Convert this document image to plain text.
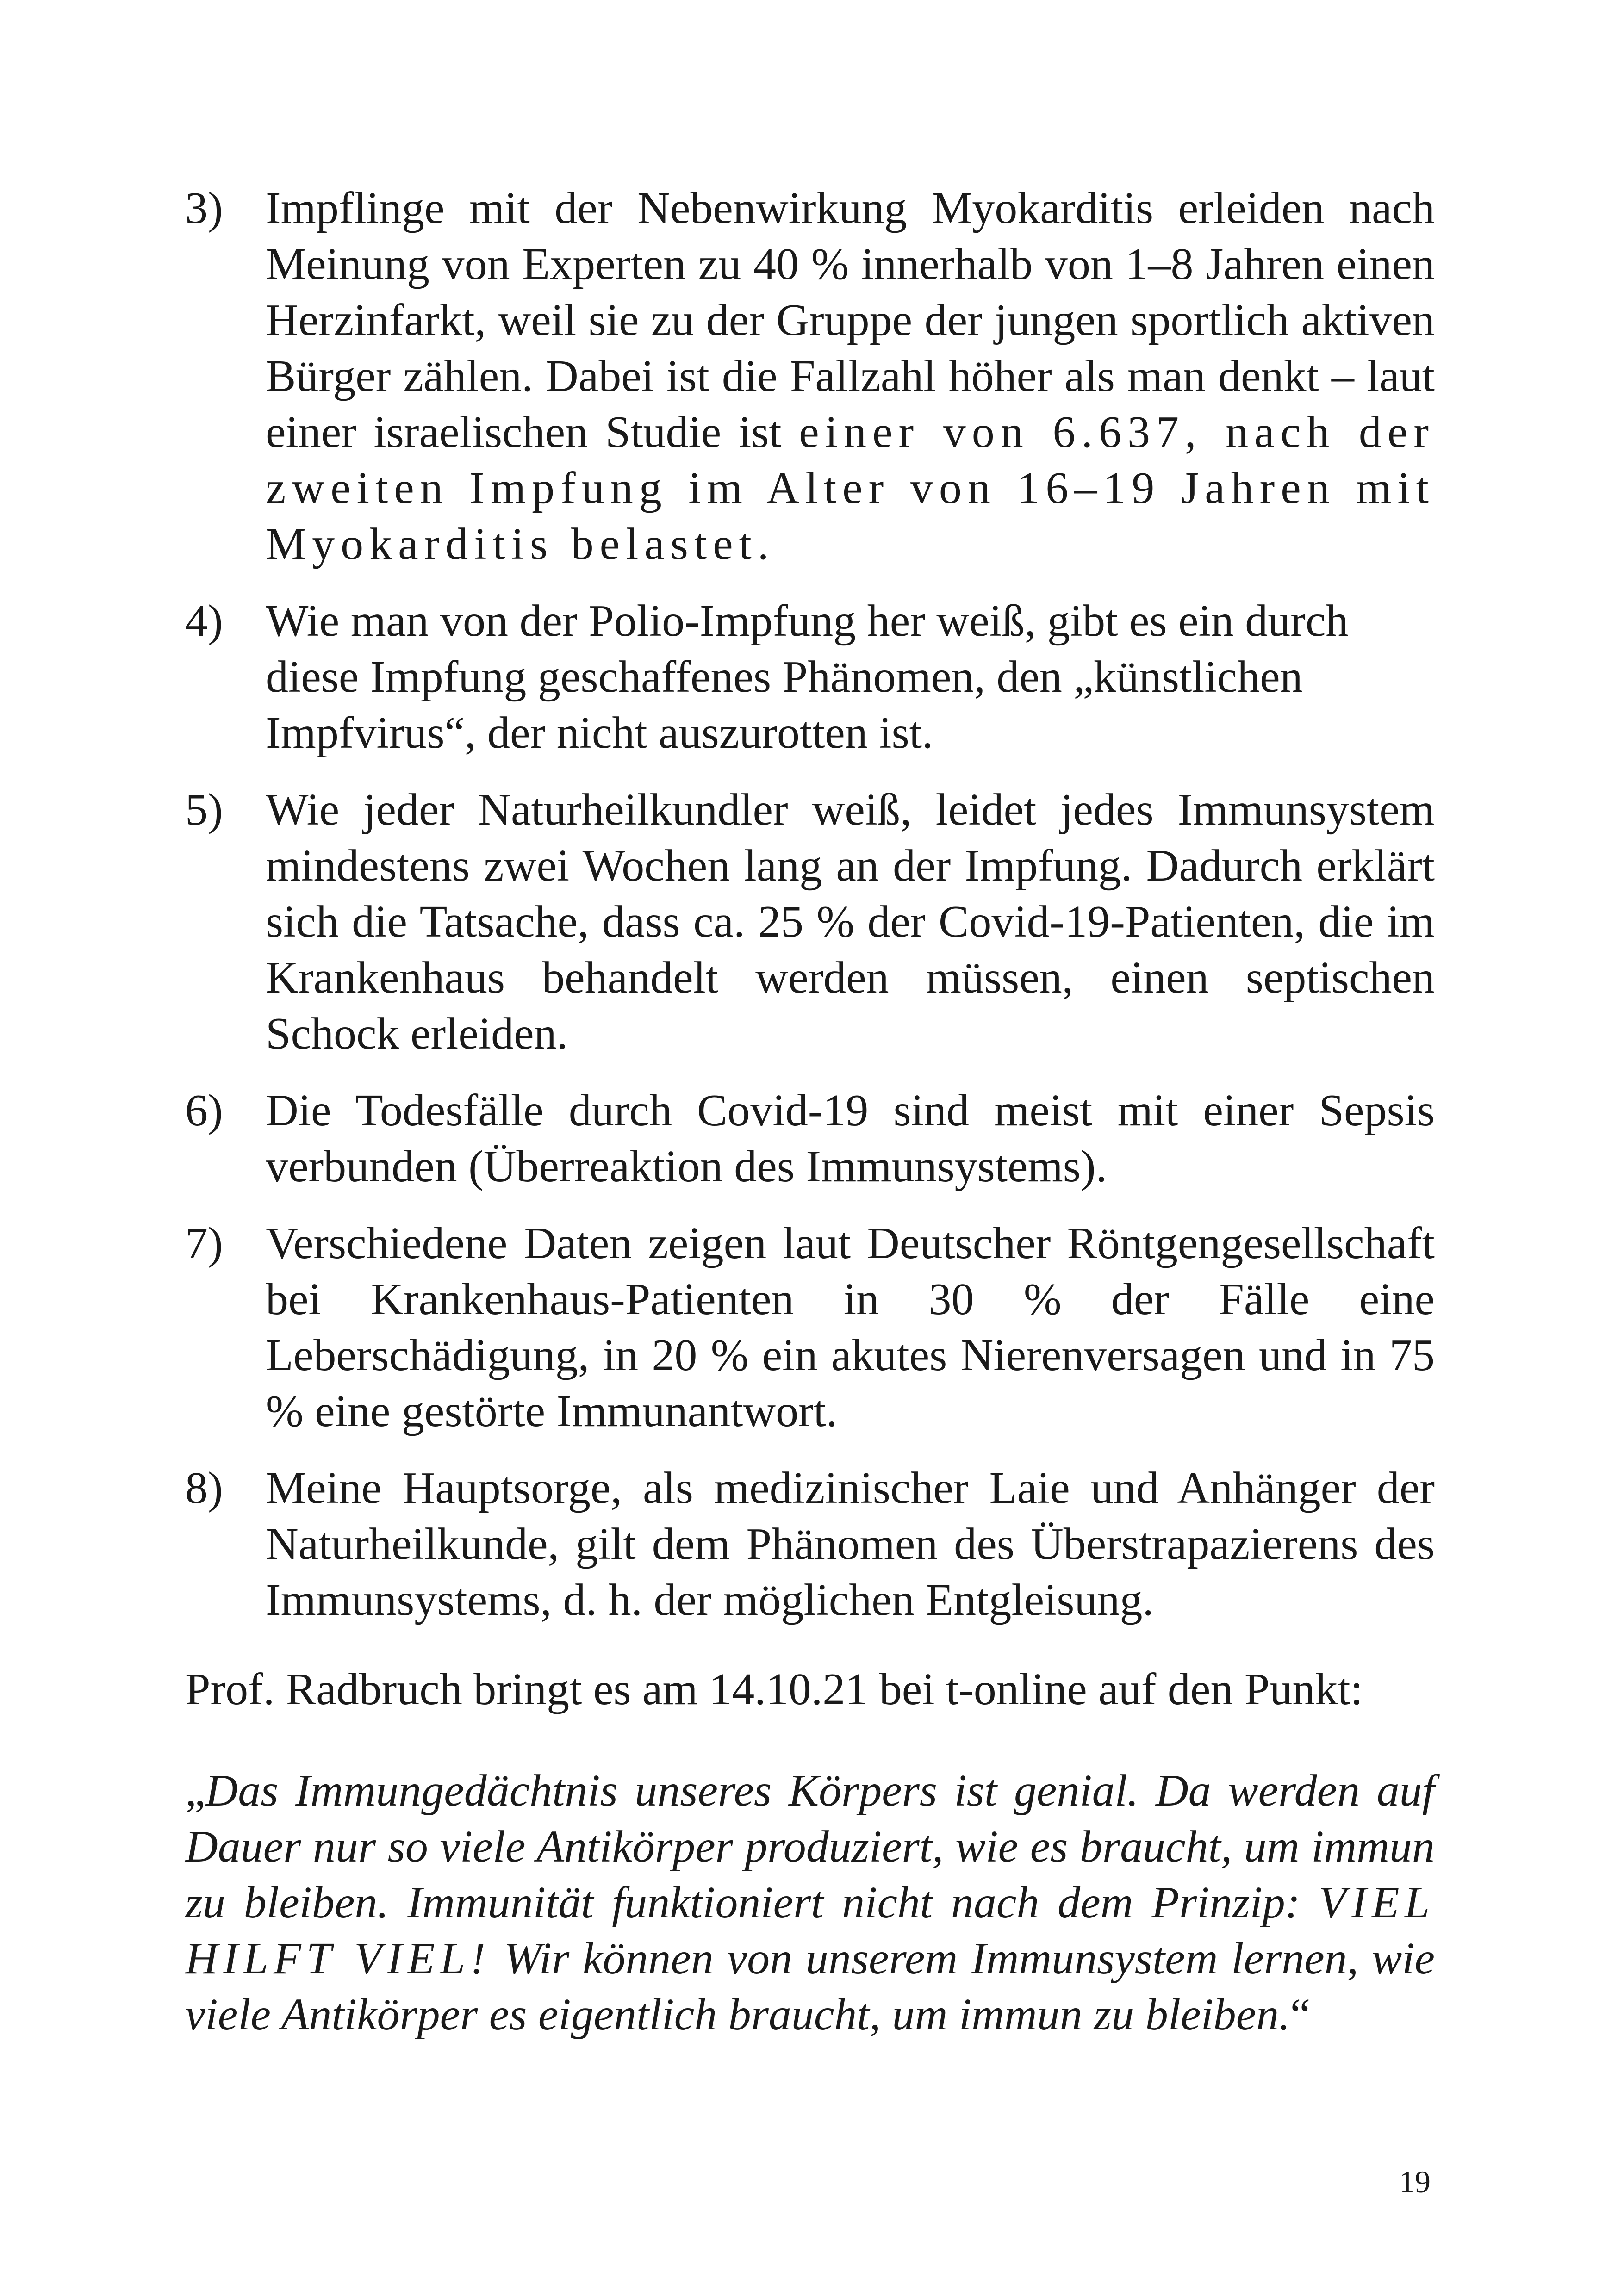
3) Impflinge mit der Nebenwirkung Myokarditis erleiden nach Meinung von Experten zu 40 % innerhalb von 1–8 Jahren einen Herzinfarkt, weil sie zu der Gruppe der jungen sportlich aktiven Bürger zählen. Dabei ist die Fallzahl höher als man denkt – laut einer israelischen Studie ist einer von 6.637, nach der zweiten Impfung im Alter von 16–19 Jahren mit Myokarditis belastet.
4) Wie man von der Polio-Impfung her weiß, gibt es ein durch diese Impfung geschaffenes Phänomen, den „künstlichen Impfvirus“, der nicht auszurotten ist.
5) Wie jeder Naturheilkundler weiß, leidet jedes Immunsystem mindestens zwei Wochen lang an der Impfung. Dadurch erklärt sich die Tatsache, dass ca. 25 % der Covid-19-Patienten, die im Krankenhaus behandelt werden müssen, einen septischen Schock erleiden.
6) Die Todesfälle durch Covid-19 sind meist mit einer Sepsis verbunden (Überreaktion des Immunsystems).
7) Verschiedene Daten zeigen laut Deutscher Röntgengesellschaft bei Krankenhaus-Patienten in 30 % der Fälle eine Leberschädigung, in 20 % ein akutes Nierenversagen und in 75 % eine gestörte Immunantwort.
8) Meine Hauptsorge, als medizinischer Laie und Anhänger der Naturheilkunde, gilt dem Phänomen des Überstrapazierens des Immunsystems, d. h. der möglichen Entgleisung.

Prof. Radbruch bringt es am 14.10.21 bei t-online auf den Punkt:

„Das Immungedächtnis unseres Körpers ist genial. Da werden auf Dauer nur so viele Antikörper produziert, wie es braucht, um immun zu bleiben. Immunität funktioniert nicht nach dem Prinzip: VIEL HILFT VIEL! Wir können von unserem Immunsystem lernen, wie viele Antikörper es eigentlich braucht, um immun zu bleiben.“

19
